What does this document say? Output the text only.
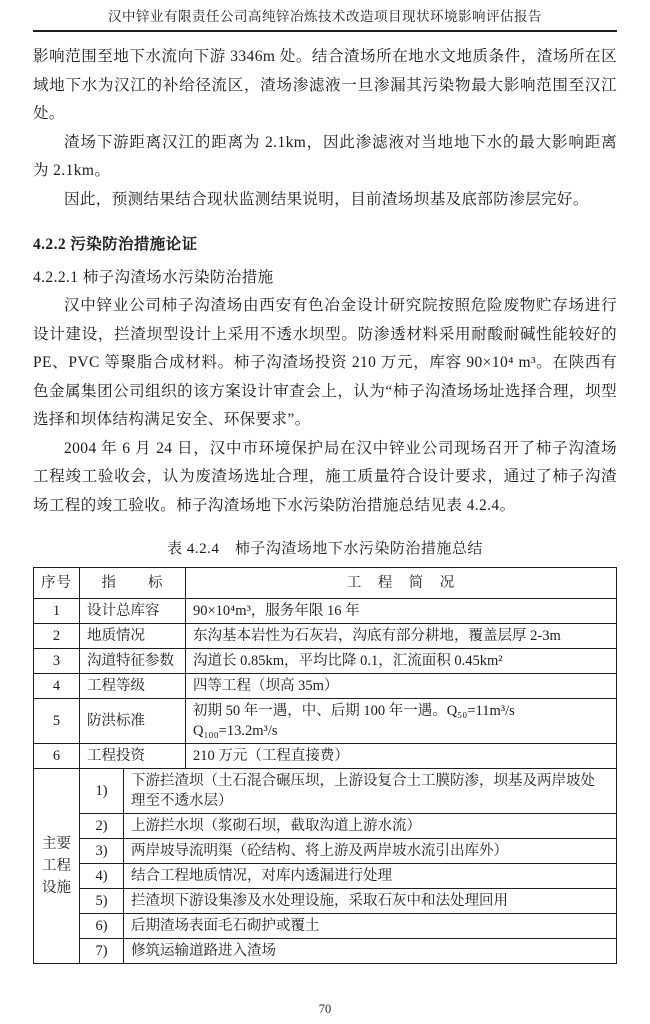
汉中锌业有限责任公司高纯锌冶炼技术改造项目现状环境影响评估报告

影响范围至地下水流向下游 3346m 处。结合渣场所在地水文地质条件，渣场所在区域地下水为汉江的补给径流区，渣场渗滤液一旦渗漏其污染物最大影响范围至汉江处。

渣场下游距离汉江的距离为 2.1km，因此渗滤液对当地地下水的最大影响距离为 2.1km。

因此，预测结果结合现状监测结果说明，目前渣场坝基及底部防渗层完好。

4.2.2 污染防治措施论证
4.2.2.1 柿子沟渣场水污染防治措施

汉中锌业公司柿子沟渣场由西安有色冶金设计研究院按照危险废物贮存场进行设计建设，拦渣坝型设计上采用不透水坝型。防渗透材料采用耐酸耐碱性能较好的 PE、PVC 等聚脂合成材料。柿子沟渣场投资 210 万元，库容 90×10⁴ m³。在陕西有色金属集团公司组织的该方案设计审查会上，认为“柿子沟渣场场址选择合理，坝型选择和坝体结构满足安全、环保要求”。

2004 年 6 月 24 日，汉中市环境保护局在汉中锌业公司现场召开了柿子沟渣场工程竣工验收会，认为废渣场选址合理，施工质量符合设计要求，通过了柿子沟渣场工程的竣工验收。柿子沟渣场地下水污染防治措施总结见表 4.2.4。

表 4.2.4　柿子沟渣场地下水污染防治措施总结
序号	指　　标		工　程　简　况
1	设计总库容		90×10⁴m³，服务年限 16 年
2	地质情况		东沟基本岩性为石灰岩，沟底有部分耕地，覆盖层厚 2-3m
3	沟道特征参数		沟道长 0.85km，平均比降 0.1，汇流面积 0.45km²
4	工程等级		四等工程（坝高 35m）
5	防洪标准		初期 50 年一遇，中、后期 100 年一遇。Q₅₀=11m³/s　Q₁₀₀=13.2m³/s
6	工程投资		210 万元（工程直接费）

主要
工程
设施	1)	下游拦渣坝（土石混合碾压坝，上游设复合土工膜防渗，坝基及两岸坡处理至不透水层）	
	2)	上游拦水坝（浆砌石坝，截取沟道上游水流）	
	3)	两岸坡导流明渠（砼结构、将上游及两岸坡水流引出库外）	
	4)	结合工程地质情况，对库内透漏进行处理	
	5)	拦渣坝下游设集渗及水处理设施，采取石灰中和法处理回用	
	6)	后期渣场表面毛石砌护或覆土	
	7)	修筑运输道路进入渣场	
70
